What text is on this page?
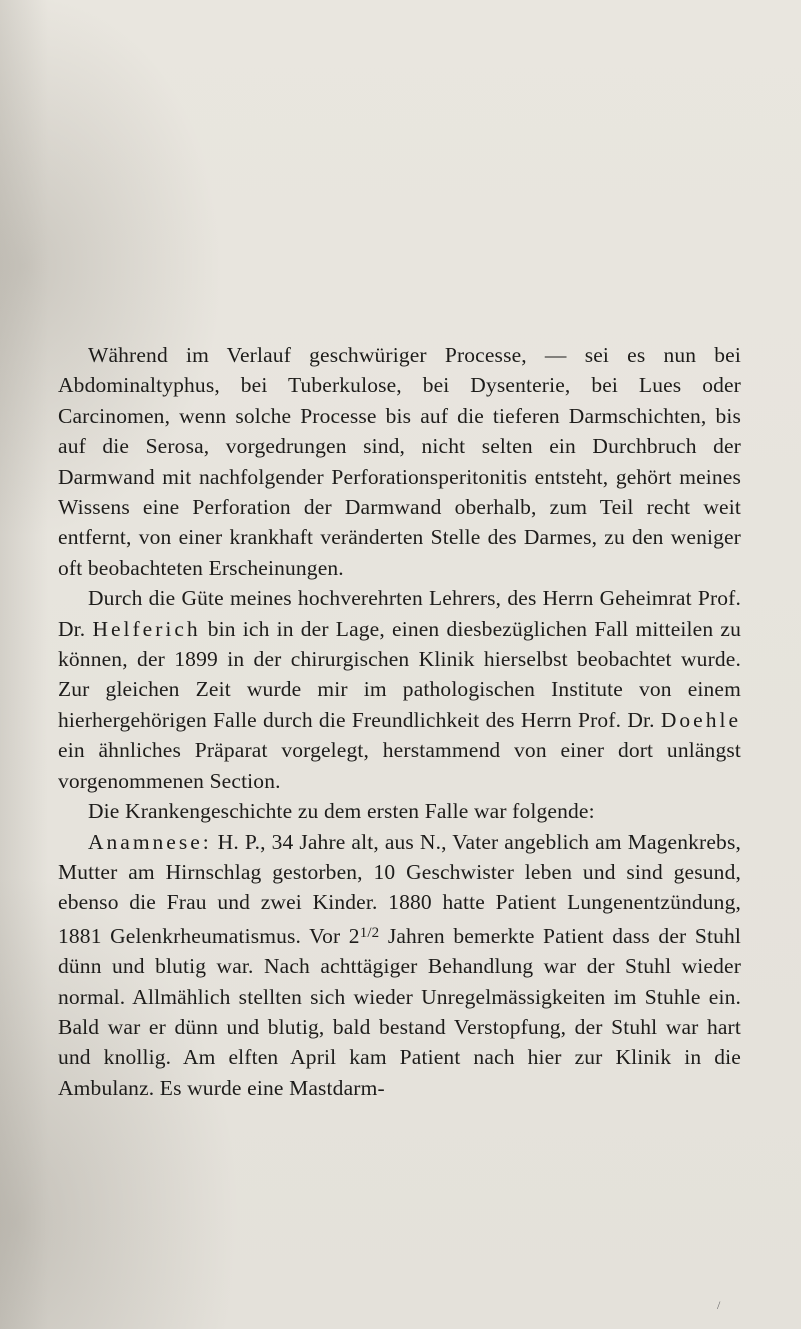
Während im Verlauf geschwüriger Processe, — sei es nun bei Abdominaltyphus, bei Tuberkulose, bei Dysenterie, bei Lues oder Carcinomen, wenn solche Processe bis auf die tieferen Darmschichten, bis auf die Serosa, vorgedrungen sind, nicht selten ein Durchbruch der Darmwand mit nachfolgender Perforationsperitonitis entsteht, gehört meines Wissens eine Perforation der Darmwand oberhalb, zum Teil recht weit entfernt, von einer krankhaft veränderten Stelle des Darmes, zu den weniger oft beobachteten Erscheinungen.

Durch die Güte meines hochverehrten Lehrers, des Herrn Geheimrat Prof. Dr. Helferich bin ich in der Lage, einen diesbezüglichen Fall mitteilen zu können, der 1899 in der chirurgischen Klinik hierselbst beobachtet wurde. Zur gleichen Zeit wurde mir im pathologischen Institute von einem hierhergehörigen Falle durch die Freundlichkeit des Herrn Prof. Dr. Doehle ein ähnliches Präparat vorgelegt, herstammend von einer dort unlängst vorgenommenen Section.

Die Krankengeschichte zu dem ersten Falle war folgende:

Anamnese: H. P., 34 Jahre alt, aus N., Vater angeblich am Magenkrebs, Mutter am Hirnschlag gestorben, 10 Geschwister leben und sind gesund, ebenso die Frau und zwei Kinder. 1880 hatte Patient Lungenentzündung, 1881 Gelenkrheumatismus. Vor $2^{1/2}$ Jahren bemerkte Patient dass der Stuhl dünn und blutig war. Nach achttägiger Behandlung war der Stuhl wieder normal. Allmählich stellten sich wieder Unregelmässigkeiten im Stuhle ein. Bald war er dünn und blutig, bald bestand Verstopfung, der Stuhl war hart und knollig. Am elften April kam Patient nach hier zur Klinik in die Ambulanz. Es wurde eine Mastdarm-

/
